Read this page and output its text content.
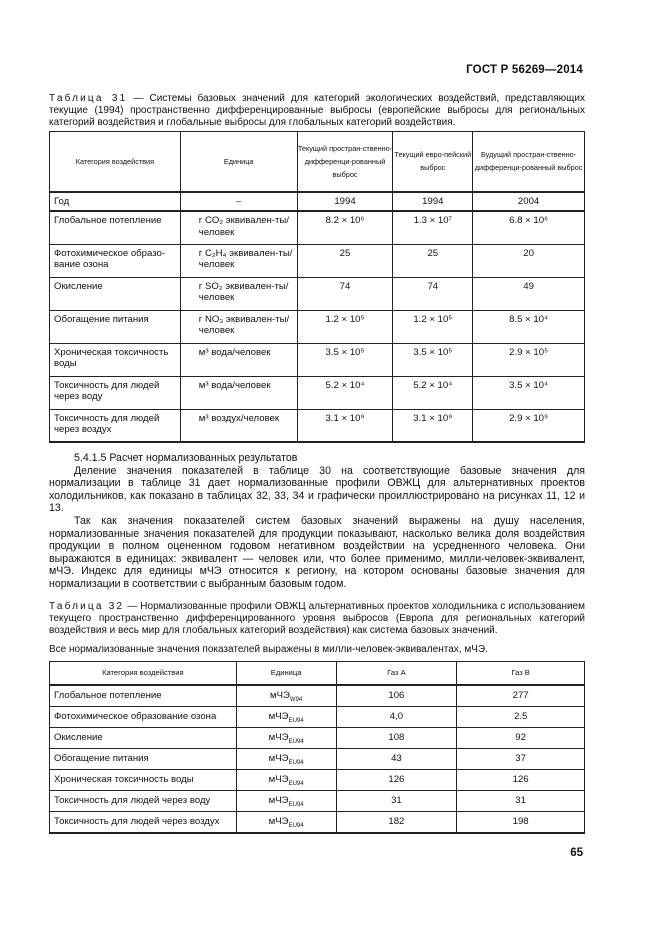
ГОСТ Р 56269—2014
Таблица 31 — Системы базовых значений для категорий экологических воздействий, представляющих текущие (1994) пространственно дифференцированные выбросы (европейские выбросы для региональных категорий воздействия и глобальные выбросы для глобальных категорий воздействия.
Категория воздействия	Единица	Текущий простран-ственно-дифференци-рованный выброс	Текущий евро-пейский выброс	Будущий простран-ственно-дифференци-рованный выброс
Год	–	1994	1994	2004
Глобальное потепление	г CO₂ эквивален-ты/человек	8.2 × 10⁶	1.3 × 10⁷	6.8 × 10⁶
Фотохимическое образо-вание озона	г C₂H₄ эквивален-ты/человек	25	25	20
Окисление	г SO₂ эквивален-ты/человек	74	74	49
Обогащение питания	г NO₃ эквивален-ты/человек	1.2 × 10⁵	1.2 × 10⁵	8.5 × 10⁴
Хроническая токсичность воды	м³ вода/человек	3.5 × 10⁵	3.5 × 10⁵	2.9 × 10⁵
Токсичность для людей через воду	м³ вода/человек	5.2 × 10⁴	5.2 × 10⁴	3.5 × 10⁴
Токсичность для людей через воздух	м³ воздух/человек	3.1 × 10⁹	3.1 × 10⁹	2.9 × 10⁹

5.4.1.5 Расчет нормализованных результатов

Деление значения показателей в таблице 30 на соответствующие базовые значения для нормализации в таблице 31 дает нормализованные профили ОВЖЦ для альтернативных проектов холодильников, как показано в таблицах 32, 33, 34 и графически проиллюстрировано на рисунках 11, 12 и 13.

Так как значения показателей систем базовых значений выражены на душу населения, нормализованные значения показателей для продукции показывают, насколько велика доля воздействия продукции в полном оцененном годовом негативном воздействии на усредненного человека. Они выражаются в единицах: эквивалент — человек или, что более применимо, милли-человек-эквивалент, мЧЭ. Индекс для единицы мЧЭ относится к региону, на котором основаны базовые значения для нормализации в соответствии с выбранным базовым годом.

Таблица 32 — Нормализованные профили ОВЖЦ альтернативных проектов холодильника с использованием текущего пространственно дифференцированного уровня выбросов (Европа для региональных категорий воздействия и весь мир для глобальных категорий воздействия) как система базовых значений.
Все нормализованные значения показателей выражены в милли-человек-эквивалентах, мЧЭ.
Категория воздействия	Единица	Газ А	Газ В
Глобальное потепление	мЧЭ$_{W94}$	106	277
Фотохимическое образование озона	мЧЭ$_{EU94}$	4,0	2.5
Окисление	мЧЭ$_{EU94}$	108	92
Обогащение питания	мЧЭ$_{EU94}$	43	37
Хроническая токсичность воды	мЧЭ$_{EU94}$	126	126
Токсичность для людей через воду	мЧЭ$_{EU94}$	31	31
Токсичность для людей через воздух	мЧЭ$_{EU94}$	182	198
65
